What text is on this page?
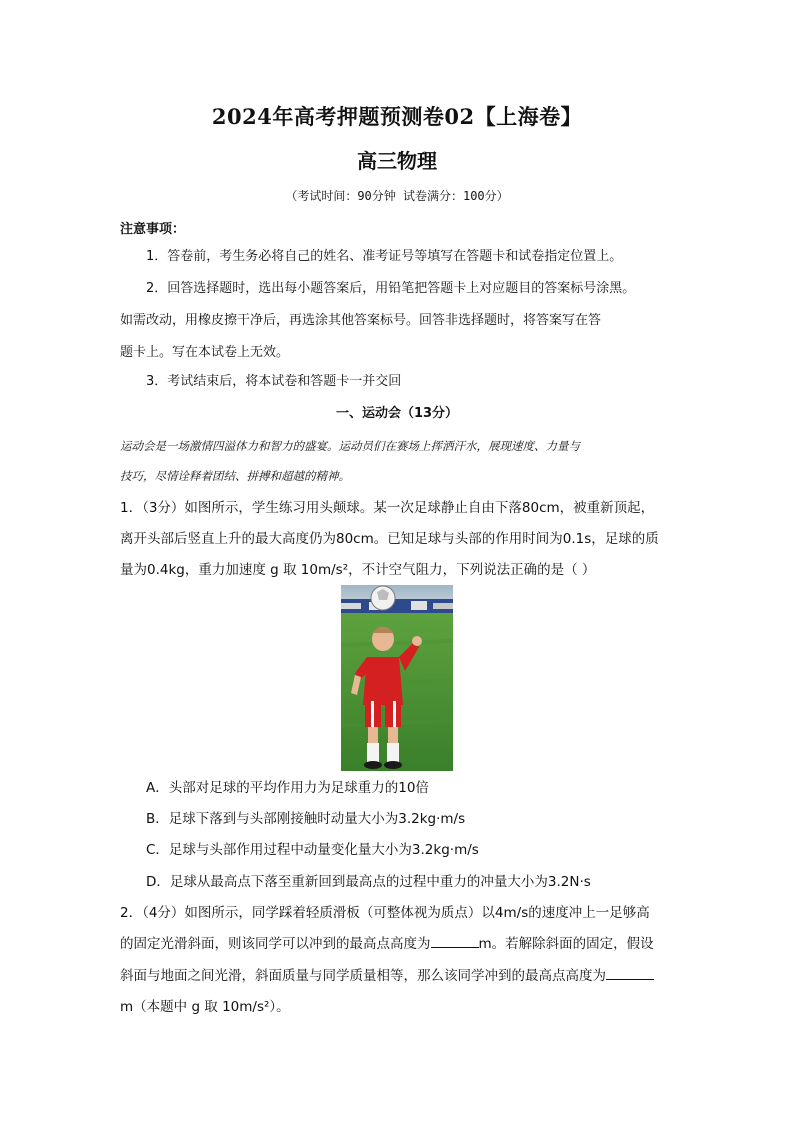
2024年高考押题预测卷02【上海卷】
高三物理
（考试时间：90分钟 试卷满分：100分）
注意事项：
1．答卷前，考生务必将自己的姓名、准考证号等填写在答题卡和试卷指定位置上。
2．回答选择题时，选出每小题答案后，用铅笔把答题卡上对应题目的答案标号涂黑。
如需改动，用橡皮擦干净后，再选涂其他答案标号。回答非选择题时，将答案写在答
题卡上。写在本试卷上无效。
3．考试结束后，将本试卷和答题卡一并交回
一、运动会（13分）
运动会是一场激情四溢体力和智力的盛宴。运动员们在赛场上挥洒汗水，展现速度、力量与
技巧，尽情诠释着团结、拼搏和超越的精神。
1．（3分）如图所示，学生练习用头颠球。某一次足球静止自由下落80cm，被重新顶起，
离开头部后竖直上升的最大高度仍为80cm。已知足球与头部的作用时间为0.1s，足球的质
量为0.4kg，重力加速度 g 取 10m/s²，不计空气阻力，下列说法正确的是（ ）
A．头部对足球的平均作用力为足球重力的10倍
B．足球下落到与头部刚接触时动量大小为3.2kg·m/s
C．足球与头部作用过程中动量变化量大小为3.2kg·m/s
D．足球从最高点下落至重新回到最高点的过程中重力的冲量大小为3.2N·s
2．（4分）如图所示，同学踩着轻质滑板（可整体视为质点）以4m/s的速度冲上一足够高
的固定光滑斜面，则该同学可以冲到的最高点高度为	m。若解除斜面的固定，假设
斜面与地面之间光滑，斜面质量与同学质量相等，那么该同学冲到的最高点高度为
m（本题中 g 取 10m/s²）。
